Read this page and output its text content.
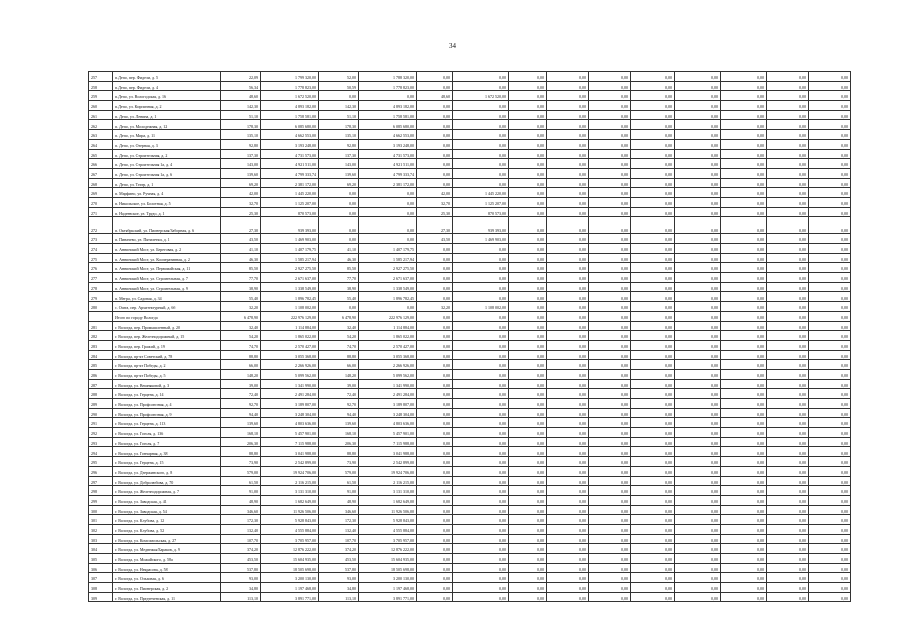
34
257	п.Депо, пер. Фидели, д. 5	22,09	1 799 320,00	52,00	1 788 320,00	0,00	0,00	0,00	0,00	0,00	0,00	0,00	0,00	0,00	0,00
258	п.Депо, пер. Фидели, д. 4	56,34	1 778 823,00	50,59	1 778 823,00	0,00	0,00	0,00	0,00	0,00	0,00	0,00	0,00	0,00	0,00
259	п.Депо, ул. Вологодская, д. 16	48,60	1 672 520,00	0,00	0,00	48,60	1 672 520,00	0,00	0,00	0,00	0,00	0,00	0,00	0,00	0,00
260	п.Депо, ул. Кирпичная, д. 2	142,30	4 893 182,00	142,30	4 893 182,00	0,00	0,00	0,00	0,00	0,00	0,00	0,00	0,00	0,00	0,00
261	п. Депо, ул. Ленина, д. 1	51,10	1 758 581,00	51,10	1 758 581,00	0,00	0,00	0,00	0,00	0,00	0,00	0,00	0,00	0,00	0,00
262	п. Депо, ул. Молодежная, д. 12	178,30	6 085 680,00	178,30	6 085 680,00	0,00	0,00	0,00	0,00	0,00	0,00	0,00	0,00	0,00	0,00
263	п. Депо, ул. Мира, д. 11	135,10	4 662 553,00	135,10	4 662 553,00	0,00	0,00	0,00	0,00	0,00	0,00	0,00	0,00	0,00	0,00
264	п. Депо, ул. Озерная, д. 3	92,80	3 193 248,00	92,80	3 193 248,00	0,00	0,00	0,00	0,00	0,00	0,00	0,00	0,00	0,00	0,00
265	п. Депо, ул. Строительная, д. 2	137,30	4 731 573,00	137,30	4 731 573,00	0,00	0,00	0,00	0,00	0,00	0,00	0,00	0,00	0,00	0,00
266	п. Депо, ул. Строительная 1а, д. 4	143,00	4 921 511,00	143,00	4 921 511,00	0,00	0,00	0,00	0,00	0,00	0,00	0,00	0,00	0,00	0,00
267	п. Депо, ул. Строительная 1а, д. 6	139,60	4 799 333,74	139,60	4 799 333,74	0,00	0,00	0,00	0,00	0,00	0,00	0,00	0,00	0,00	0,00
268	п. Депо, ул. Театр, д. 1	69,20	2 381 172,00	69,20	2 381 172,00	0,00	0,00	0,00	0,00	0,00	0,00	0,00	0,00	0,00	0,00
269	п. Марфино, ул. Ручная, д. 4	42,00	1 445 220,00	0,00	0,00	42,00	1 445 220,00	0,00	0,00	0,00	0,00	0,00	0,00	0,00	0,00
270	п. Никольское, ул. Болотная, д. 5	32,70	1 125 207,00	0,00	0,00	32,70	1 125 207,00	0,00	0,00	0,00	0,00	0,00	0,00	0,00	0,00
271	п. Надеевское, ул. Трудо, д. 1	25,30	870 573,00	0,00	0,00	25,30	870 573,00	0,00	0,00	0,00	0,00	0,00	0,00	0,00	0,00
272	п. Октябрьский, ул. Пионерская/Заборная, д. 6	27,30	939 393,00	0,00	0,00	27,30	939 393,00	0,00	0,00	0,00	0,00	0,00	0,00	0,00	0,00
273	п. Пиначево, ул. Пятилетки, д. 1	43,50	1 469 903,00	0,00	0,00	43,50	1 469 903,00	0,00	0,00	0,00	0,00	0,00	0,00	0,00	0,00
274	п. Аннинский Мост, ул. Береговая, д. 2	41,10	1 407 179,75	41,10	1 407 179,75	0,00	0,00	0,00	0,00	0,00	0,00	0,00	0,00	0,00	0,00
275	п. Аннинский Мост, ул. Кооперативная, д. 2	46,30	1 585 217,94	46,30	1 585 217,94	0,00	0,00	0,00	0,00	0,00	0,00	0,00	0,00	0,00	0,00
276	п. Аннинский Мост, ул. Первомайская, д. 11	85,50	2 927 275,50	85,50	2 927 275,50	0,00	0,00	0,00	0,00	0,00	0,00	0,00	0,00	0,00	0,00
277	п. Аннинский Мост, ул. Строительная, д. 7	77,70	2 671 637,00	77,70	2 671 637,00	0,00	0,00	0,00	0,00	0,00	0,00	0,00	0,00	0,00	0,00
278	п. Аннинский Мост, ул. Строительная, д. 9	38,90	1 338 549,00	38,90	1 338 549,00	0,00	0,00	0,00	0,00	0,00	0,00	0,00	0,00	0,00	0,00
279	п. Мегра, ул. Садовая, д. 34	55,40	1 896 782,45	55,40	1 896 782,45	0,00	0,00	0,00	0,00	0,00	0,00	0,00	0,00	0,00	0,00
280	с. Ошта, пер. Архитектурный, д. 6б	32,20	1 108 002,00	0,00	0,00	32,20	1 108 002,00	0,00	0,00	0,00	0,00	0,00	0,00	0,00	0,00
	Итого по городу Вологда	6 478,90	222 976 129,00	6 478,90	222 976 129,00	0,00	0,00	0,00	0,00	0,00	0,00	0,00	0,00	0,00	0,00
281	г. Вологда, пер. Промышленный, д. 20	32,40	1 114 884,00	32,40	1 114 884,00	0,00	0,00	0,00	0,00	0,00	0,00	0,00	0,00	0,00	0,00
282	г. Вологда, пер. Железнодорожный, д. 15	54,20	1 865 022,00	54,20	1 865 022,00	0,00	0,00	0,00	0,00	0,00	0,00	0,00	0,00	0,00	0,00
283	г. Вологда, пер. Гражий, д. 19	74,70	2 570 427,00	74,70	2 570 427,00	0,00	0,00	0,00	0,00	0,00	0,00	0,00	0,00	0,00	0,00
284	г. Вологда, пр-кт Советский, д. 78	88,80	3 055 368,00	88,80	3 055 368,00	0,00	0,00	0,00	0,00	0,00	0,00	0,00	0,00	0,00	0,00
285	г. Вологда, пр-кт Победы, д. 2	66,00	2 266 926,00	66,00	2 266 926,00	0,00	0,00	0,00	0,00	0,00	0,00	0,00	0,00	0,00	0,00
286	г. Вологда, пр-кт Победы, д. 5	148,20	5 099 562,00	148,20	5 099 562,00	0,00	0,00	0,00	0,00	0,00	0,00	0,00	0,00	0,00	0,00
287	г. Вологда, ул. Вешняковой, д. 3	39,00	1 341 990,00	39,00	1 341 990,00	0,00	0,00	0,00	0,00	0,00	0,00	0,00	0,00	0,00	0,00
288	г. Вологда, ул. Герцена, д. 14	72,40	2 491 284,00	72,40	2 491 284,00	0,00	0,00	0,00	0,00	0,00	0,00	0,00	0,00	0,00	0,00
289	г. Вологда, ул. Профсоюзная, д. 4	92,70	3 189 807,00	92,70	3 189 807,00	0,00	0,00	0,00	0,00	0,00	0,00	0,00	0,00	0,00	0,00
290	г. Вологда, ул. Профсоюзная, д. 9	94,40	3 248 304,00	94,40	3 248 304,00	0,00	0,00	0,00	0,00	0,00	0,00	0,00	0,00	0,00	0,00
291	г. Вологда, ул. Герцена, д. 113	139,60	4 803 636,00	139,60	4 803 636,00	0,00	0,00	0,00	0,00	0,00	0,00	0,00	0,00	0,00	0,00
292	г. Вологда, ул. Гоголя, д. 136	168,10	5 457 901,00	168,10	5 457 901,00	0,00	0,00	0,00	0,00	0,00	0,00	0,00	0,00	0,00	0,00
293	г. Вологда, ул. Гоголя, д. 7	206,30	7 115 988,00	206,30	7 115 988,00	0,00	0,00	0,00	0,00	0,00	0,00	0,00	0,00	0,00	0,00
294	г. Вологда, ул. Гончарная, д. 38	88,80	3 041 988,00	88,80	3 041 988,00	0,00	0,00	0,00	0,00	0,00	0,00	0,00	0,00	0,00	0,00
295	г. Вологда, ул. Герцена, д. 15	73,90	2 542 899,00	73,90	2 542 899,00	0,00	0,00	0,00	0,00	0,00	0,00	0,00	0,00	0,00	0,00
296	г. Вологда, ул. Дзержинского, д. 8	579,00	19 924 706,00	579,00	19 924 706,00	0,00	0,00	0,00	0,00	0,00	0,00	0,00	0,00	0,00	0,00
297	г. Вологда, ул. Добролюбова, д. 70	61,50	2 116 215,00	61,50	2 116 215,00	0,00	0,00	0,00	0,00	0,00	0,00	0,00	0,00	0,00	0,00
298	г. Вологда, ул. Железнодорожная, д. 7	91,00	3 131 310,00	91,00	3 131 310,00	0,00	0,00	0,00	0,00	0,00	0,00	0,00	0,00	0,00	0,00
299	г. Вологда, ул. Заводская, д. 41	48,90	1 682 649,00	48,90	1 682 649,00	0,00	0,00	0,00	0,00	0,00	0,00	0,00	0,00	0,00	0,00
300	г. Вологда, ул. Заводская, д. 54	346,60	11 926 506,00	346,60	11 926 506,00	0,00	0,00	0,00	0,00	0,00	0,00	0,00	0,00	0,00	0,00
301	г. Вологда, ул. Клубова, д. 12	172,30	5 928 843,00	172,30	5 928 843,00	0,00	0,00	0,00	0,00	0,00	0,00	0,00	0,00	0,00	0,00
302	г. Вологда, ул. Клубова, д. 52	132,40	4 555 884,00	132,40	4 555 884,00	0,00	0,00	0,00	0,00	0,00	0,00	0,00	0,00	0,00	0,00
303	г. Вологда, ул. Комсомольская, д. 27	107,70	3 705 957,00	107,70	3 705 957,00	0,00	0,00	0,00	0,00	0,00	0,00	0,00	0,00	0,00	0,00
304	г. Вологда, ул. Медвежья/Бараков, д. 9	374,20	12 876 222,00	374,20	12 876 222,00	0,00	0,00	0,00	0,00	0,00	0,00	0,00	0,00	0,00	0,00
305	г. Вологда, ул. Можайского, д. 58а	453,50	15 604 935,00	453,50	15 604 935,00	0,00	0,00	0,00	0,00	0,00	0,00	0,00	0,00	0,00	0,00
306	г. Вологда, ул. Некрасова, д. 58	537,80	18 505 698,00	537,80	18 505 698,00	0,00	0,00	0,00	0,00	0,00	0,00	0,00	0,00	0,00	0,00
307	г. Вологда, ул. Ольховая, д. 6	93,00	3 200 130,00	93,00	3 200 130,00	0,00	0,00	0,00	0,00	0,00	0,00	0,00	0,00	0,00	0,00
308	г. Вологда, ул. Пионерская, д. 2	34,80	1 197 468,00	34,80	1 197 468,00	0,00	0,00	0,00	0,00	0,00	0,00	0,00	0,00	0,00	0,00
309	г. Вологда, ул. Предтеченская, д. 11	113,10	3 891 771,00	113,10	3 891 771,00	0,00	0,00	0,00	0,00	0,00	0,00	0,00	0,00	0,00	0,00
